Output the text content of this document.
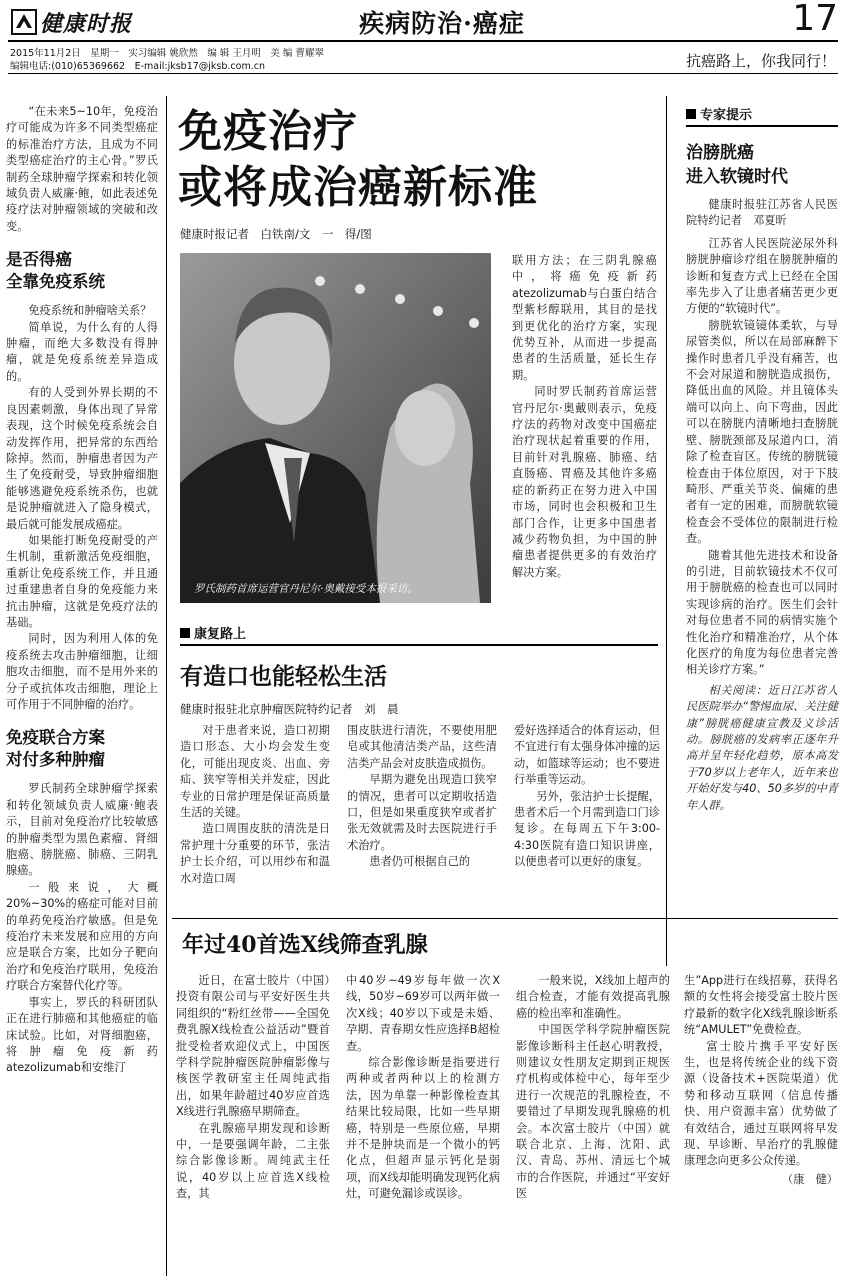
健康时报	疾病防治·癌症	17
2015年11月2日　星期一　实习编辑 姚欣然　编 辑 王月明　美 编 曹耀翠
编辑电话:(010)65369662　E-mail:jksb17@jksb.com.cn	抗癌路上，你我同行！

“在未来5~10年，免疫治疗可能成为许多不同类型癌症的标准治疗方法，且成为不同类型癌症治疗的主心骨。”罗氏制药全球肿瘤学探索和转化领域负责人威廉·鲍，如此表述免疫疗法对肿瘤领域的突破和改变。

是否得癌
全靠免疫系统

免疫系统和肿瘤啥关系？

简单说，为什么有的人得肿瘤，而绝大多数没有得肿瘤，就是免疫系统差异造成的。

有的人受到外界长期的不良因素刺激，身体出现了异常表现，这个时候免疫系统会自动发挥作用，把异常的东西给除掉。然而，肿瘤患者因为产生了免疫耐受，导致肿瘤细胞能够逃避免疫系统杀伤，也就是说肿瘤就进入了隐身模式，最后就可能发展成癌症。

如果能打断免疫耐受的产生机制，重新激活免疫细胞，重新让免疫系统工作，并且通过重建患者自身的免疫能力来抗击肿瘤，这就是免疫疗法的基础。

同时，因为利用人体的免疫系统去攻击肿瘤细胞，让细胞攻击细胞，而不是用外来的分子或抗体攻击细胞，理论上可作用于不同肿瘤的治疗。

免疫联合方案
对付多种肿瘤

罗氏制药全球肿瘤学探索和转化领域负责人威廉·鲍表示，目前对免疫治疗比较敏感的肿瘤类型为黑色素瘤、肾细胞癌、膀胱癌、肺癌、三阴乳腺癌。

一般来说，大概20%~30%的癌症可能对目前的单药免疫治疗敏感。但是免疫治疗未来发展和应用的方向应是联合方案，比如分子靶向治疗和免疫治疗联用，免疫治疗联合方案替代化疗等。

事实上，罗氏的科研团队正在进行肺癌和其他癌症的临床试验。比如，对肾细胞癌，将肿瘤免疫新药atezolizumab和安维汀

免疫治疗
或将成治癌新标准
健康时报记者　白铁南/文　一　得/图
罗氏制药首席运营官丹尼尔·奥戴接受本报采访。

联用方法；在三阴乳腺癌中，将癌免疫新药atezolizumab与白蛋白结合型紫杉醇联用，其目的是找到更优化的治疗方案，实现优势互补，从而进一步提高患者的生活质量，延长生存期。

同时罗氏制药首席运营官丹尼尔·奥戴则表示，免疫疗法的药物对改变中国癌症治疗现状起着重要的作用，目前针对乳腺癌、肺癌、结直肠癌、胃癌及其他许多癌症的新药正在努力进入中国市场，同时也会积极和卫生部门合作，让更多中国患者减少药物负担，为中国的肿瘤患者提供更多的有效治疗解决方案。

专家提示
治膀胱癌
进入软镜时代

健康时报驻江苏省人民医院特约记者　邓夏昕

江苏省人民医院泌尿外科膀胱肿瘤诊疗组在膀胱肿瘤的诊断和复查方式上已经在全国率先步入了让患者痛苦更少更方便的“软镜时代”。

膀胱软镜镜体柔软，与导尿管类似，所以在局部麻醉下操作时患者几乎没有痛苦，也不会对尿道和膀胱造成损伤，降低出血的风险。并且镜体头端可以向上、向下弯曲，因此可以在膀胱内清晰地扫查膀胱壁、膀胱颈部及尿道内口，消除了检查盲区。传统的膀胱镜检查由于体位原因，对于下肢畸形、严重关节炎、偏瘫的患者有一定的困难，而膀胱软镜检查会不受体位的限制进行检查。

随着其他先进技术和设备的引进，目前软镜技术不仅可用于膀胱癌的检查也可以同时实现诊病的治疗。医生们会针对每位患者不同的病情实施个性化治疗和精准治疗，从个体化医疗的角度为每位患者完善相关诊疗方案。”

相关阅读：近日江苏省人民医院举办“警惕血尿、关注健康”膀胱癌健康宣教及义诊活动。膀胱癌的发病率正逐年升高并呈年轻化趋势，原本高发于70岁以上老年人，近年来也开始好发与40、50多岁的中青年人群。

康复路上
有造口也能轻松生活
健康时报驻北京肿瘤医院特约记者　刘　晨

对于患者来说，造口初期造口形态、大小均会发生变化，可能出现皮炎、出血、旁疝、狭窄等相关并发症，因此专业的日常护理是保证高质量生活的关键。

造口周围皮肤的清洗是日常护理十分重要的环节，张洁护士长介绍，可以用纱布和温水对造口周

围皮肤进行清洗，不要使用肥皂或其他清洁类产品，这些清洁类产品会对皮肤造成损伤。

早期为避免出现造口狭窄的情况，患者可以定期收括造口，但是如果重度狭窄或者扩张无效就需及时去医院进行手术治疗。

患者仍可根据自己的

爱好选择适合的体育运动，但不宜进行有太强身体冲撞的运动，如篮球等运动；也不要进行举重等运动。

另外，张洁护士长提醒，患者术后一个月需到造口门诊复诊。在每周五下午3:00-4:30医院有造口知识讲座，以便患者可以更好的康复。

年过40首选X线筛查乳腺

近日，在富士胶片（中国）投资有限公司与平安好医生共同组织的“粉红丝带——全国免费乳腺X线检查公益活动”暨首批受检者欢迎仪式上，中国医学科学院肿瘤医院肿瘤影像与核医学教研室主任周纯武指出，如果年龄超过40岁应首选X线进行乳腺癌早期筛查。

在乳腺癌早期发现和诊断中，一是要强调年龄，二主张综合影像诊断。周纯武主任说，40岁以上应首选X线检查，其

中40岁~49岁每年做一次X线，50岁~69岁可以两年做一次X线；40岁以下或是未婚、孕期、青春期女性应选择B超检查。

综合影像诊断是指要进行两种或者两种以上的检测方法，因为单靠一种影像检查其结果比较局限，比如一些早期癌，特别是一些原位癌，早期并不是肿块而是一个微小的钙化点，但超声显示钙化是弱项，而X线却能明确发现钙化病灶，可避免漏诊或误诊。

一般来说，X线加上超声的组合检查，才能有效提高乳腺癌的检出率和准确性。

中国医学科学院肿瘤医院影像诊断科主任赵心明教授，则建议女性朋友定期到正规医疗机构或体检中心，每年至少进行一次规范的乳腺检查，不要错过了早期发现乳腺癌的机会。本次富士胶片（中国）就联合北京、上海、沈阳、武汉、青岛、苏州、清远七个城市的合作医院，并通过“平安好医

生”App进行在线招募，获得名额的女性将会接受富士胶片医疗最新的数字化X线乳腺诊断系统“AMULET”免费检查。

富士胶片携手平安好医生，也是将传统企业的线下资源（设备技术+医院渠道）优势和移动互联网（信息传播快、用户资源丰富）优势做了有效结合，通过互联网将早发现、早诊断、早治疗的乳腺健康理念向更多公众传递。

（康　健）
